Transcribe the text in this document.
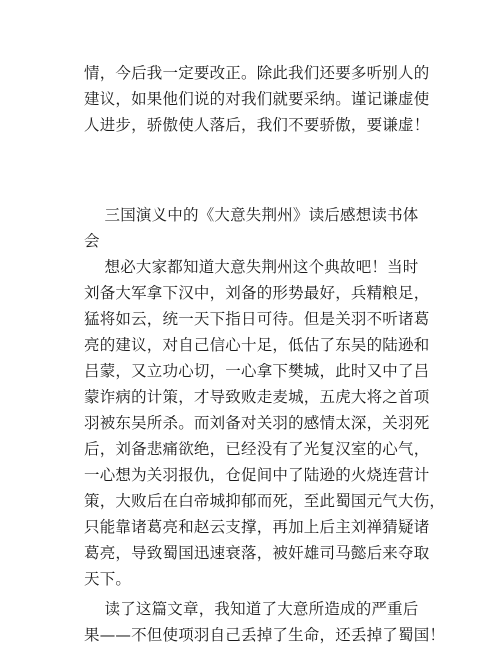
情，今后我一定要改正。除此我们还要多听别人的
建议，如果他们说的对我们就要采纳。谨记谦虚使
人进步，骄傲使人落后，我们不要骄傲，要谦虚！
三国演义中的《大意失荆州》读后感想读书体
会
想必大家都知道大意失荆州这个典故吧！当时
刘备大军拿下汉中，刘备的形势最好，兵精粮足，
猛将如云，统一天下指日可待。但是关羽不听诸葛
亮的建议，对自己信心十足，低估了东吴的陆逊和
吕蒙，又立功心切，一心拿下樊城，此时又中了吕
蒙诈病的计策，才导致败走麦城，五虎大将之首项
羽被东吴所杀。而刘备对关羽的感情太深，关羽死
后，刘备悲痛欲绝，已经没有了光复汉室的心气，
一心想为关羽报仇，仓促间中了陆逊的火烧连营计
策，大败后在白帝城抑郁而死，至此蜀国元气大伤，
只能靠诸葛亮和赵云支撑，再加上后主刘禅猜疑诸
葛亮，导致蜀国迅速衰落，被奸雄司马懿后来夺取
天下。
读了这篇文章，我知道了大意所造成的严重后
果——不但使项羽自己丢掉了生命，还丢掉了蜀国！
